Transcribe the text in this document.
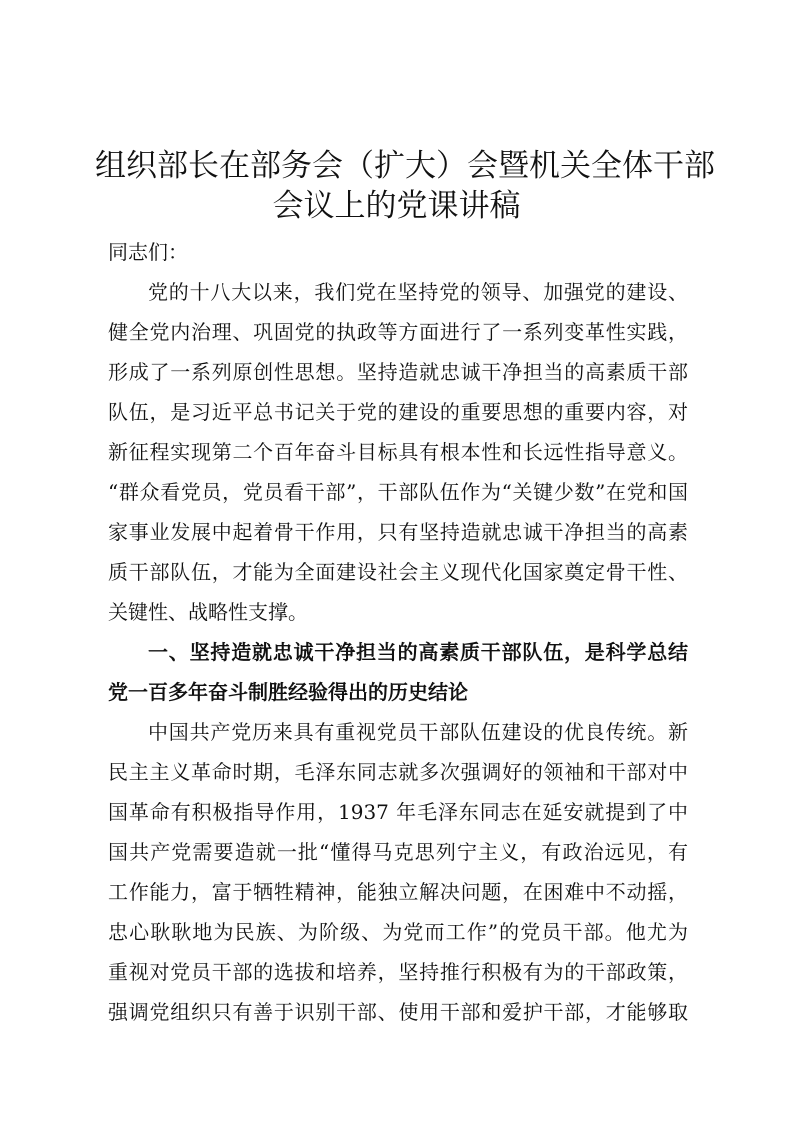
组织部长在部务会（扩大）会暨机关全体干部
会议上的党课讲稿
同志们：
党的十八大以来，我们党在坚持党的领导、加强党的建设、
健全党内治理、巩固党的执政等方面进行了一系列变革性实践，
形成了一系列原创性思想。坚持造就忠诚干净担当的高素质干部
队伍，是习近平总书记关于党的建设的重要思想的重要内容，对
新征程实现第二个百年奋斗目标具有根本性和长远性指导意义。
“群众看党员，党员看干部”，干部队伍作为“关键少数”在党和国
家事业发展中起着骨干作用，只有坚持造就忠诚干净担当的高素
质干部队伍，才能为全面建设社会主义现代化国家奠定骨干性、
关键性、战略性支撑。
一、坚持造就忠诚干净担当的高素质干部队伍，是科学总结
党一百多年奋斗制胜经验得出的历史结论
中国共产党历来具有重视党员干部队伍建设的优良传统。新
民主主义革命时期，毛泽东同志就多次强调好的领袖和干部对中
国革命有积极指导作用，1937 年毛泽东同志在延安就提到了中
国共产党需要造就一批“懂得马克思列宁主义，有政治远见，有
工作能力，富于牺牲精神，能独立解决问题，在困难中不动摇，
忠心耿耿地为民族、为阶级、为党而工作”的党员干部。他尤为
重视对党员干部的选拔和培养，坚持推行积极有为的干部政策，
强调党组织只有善于识别干部、使用干部和爱护干部，才能够取
